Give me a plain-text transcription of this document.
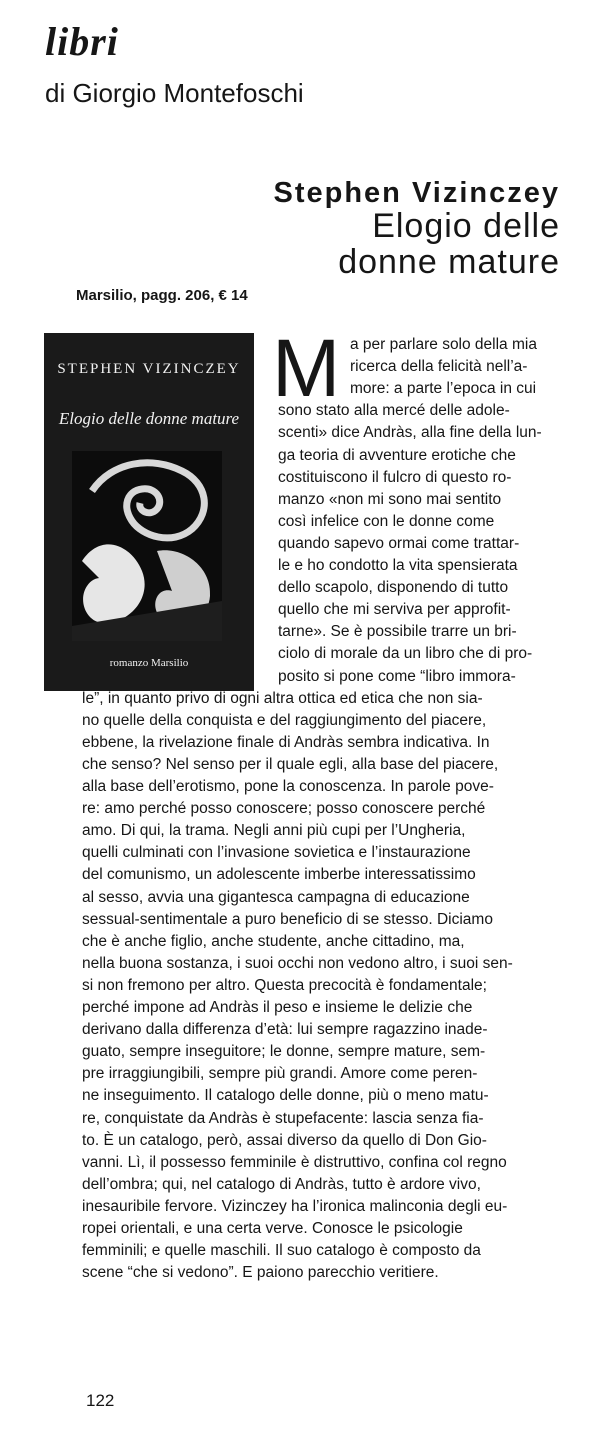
libri
di Giorgio Montefoschi
Stephen Vizinczey
Elogio delle
donne mature
Marsilio, pagg. 206, € 14
STEPHEN VIZINCZEY
Elogio delle donne mature
romanzo Marsilio
M a per parlare solo della mia
ricerca della felicità nell’a-
more: a parte l’epoca in cui
sono stato alla mercé delle adole-
scenti» dice Andràs, alla fine della lun-
ga teoria di avventure erotiche che
costituiscono il fulcro di questo ro-
manzo «non mi sono mai sentito
così infelice con le donne come
quando sapevo ormai come trattar-
le e ho condotto la vita spensierata
dello scapolo, disponendo di tutto
quello che mi serviva per approfit-
tarne». Se è possibile trarre un bri-
ciolo di morale da un libro che di pro-
posito si pone come “libro immora-
le”, in quanto privo di ogni altra ottica ed etica che non sia-
no quelle della conquista e del raggiungimento del piacere,
ebbene, la rivelazione finale di Andràs sembra indicativa. In
che senso? Nel senso per il quale egli, alla base del piacere,
alla base dell’erotismo, pone la conoscenza. In parole pove-
re: amo perché posso conoscere; posso conoscere perché
amo. Di qui, la trama. Negli anni più cupi per l’Ungheria,
quelli culminati con l’invasione sovietica e l’instaurazione
del comunismo, un adolescente imberbe interessatissimo
al sesso, avvia una gigantesca campagna di educazione
sessual-sentimentale a puro beneficio di se stesso. Diciamo
che è anche figlio, anche studente, anche cittadino, ma,
nella buona sostanza, i suoi occhi non vedono altro, i suoi sen-
si non fremono per altro. Questa precocità è fondamentale;
perché impone ad Andràs il peso e insieme le delizie che
derivano dalla differenza d’età: lui sempre ragazzino inade-
guato, sempre inseguitore; le donne, sempre mature, sem-
pre irraggiungibili, sempre più grandi. Amore come peren-
ne inseguimento. Il catalogo delle donne, più o meno matu-
re, conquistate da Andràs è stupefacente: lascia senza fia-
to. È un catalogo, però, assai diverso da quello di Don Gio-
vanni. Lì, il possesso femminile è distruttivo, confina col regno
dell’ombra; qui, nel catalogo di Andràs, tutto è ardore vivo,
inesauribile fervore. Vizinczey ha l’ironica malinconia degli eu-
ropei orientali, e una certa verve. Conosce le psicologie
femminili; e quelle maschili. Il suo catalogo è composto da
scene “che si vedono”. E paiono parecchio veritiere.
122
